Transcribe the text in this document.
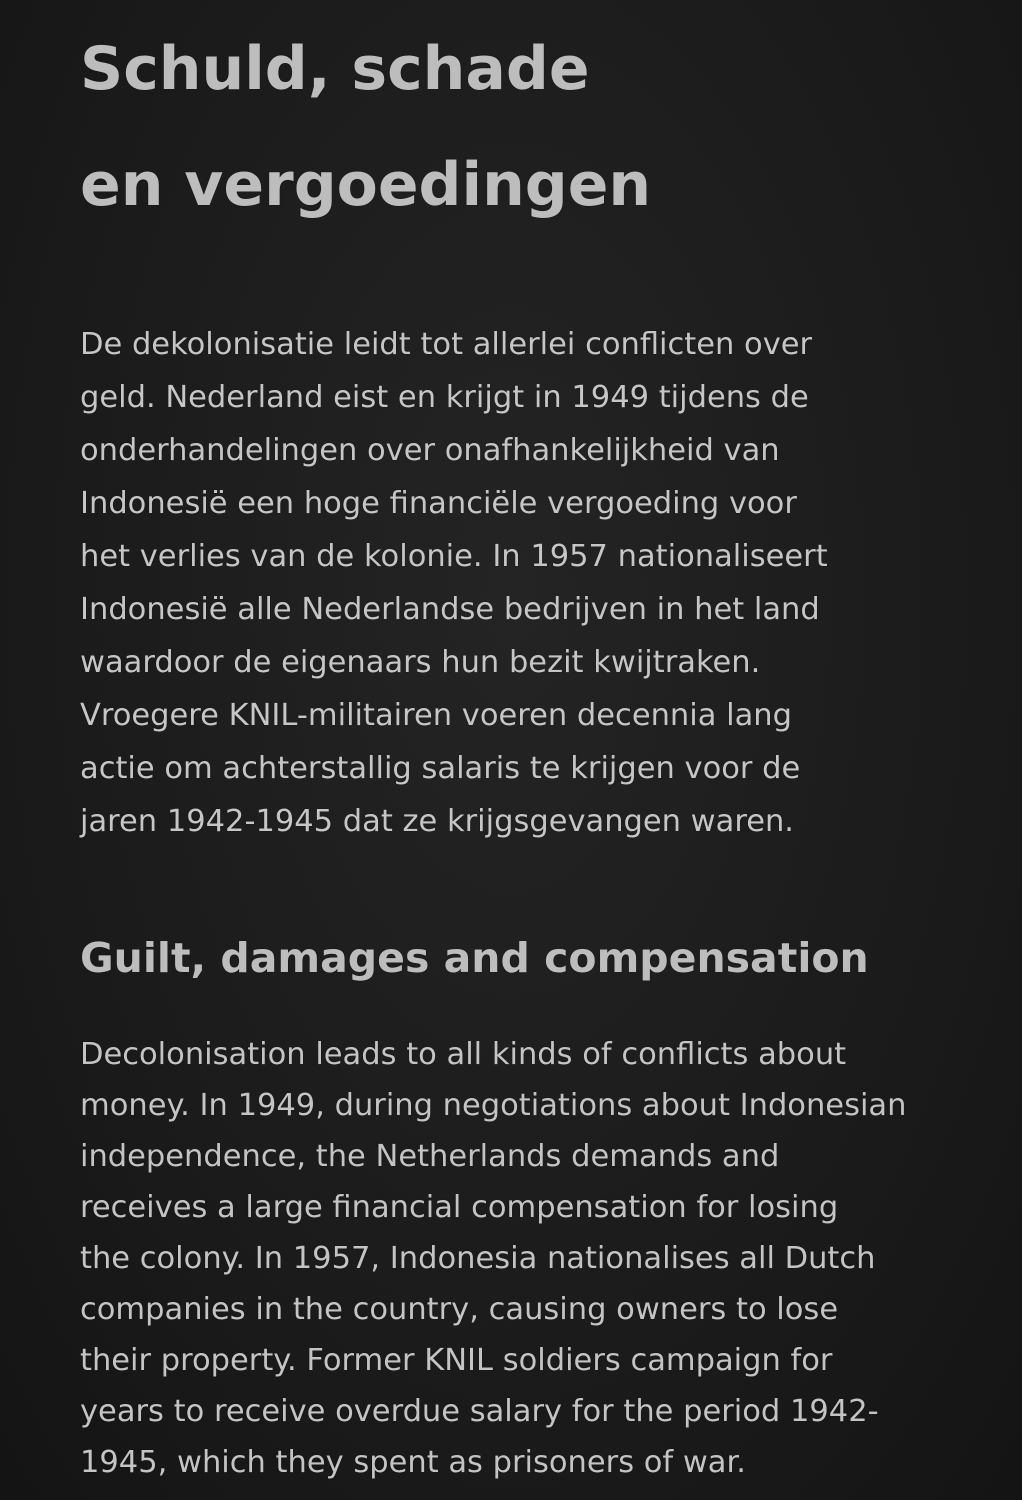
Schuld, schade
en vergoedingen

De dekolonisatie leidt tot allerlei conflicten over

geld. Nederland eist en krijgt in 1949 tijdens de

onderhandelingen over onafhankelijkheid van

Indonesië een hoge financiële vergoeding voor

het verlies van de kolonie. In 1957 nationaliseert

Indonesië alle Nederlandse bedrijven in het land

waardoor de eigenaars hun bezit kwijtraken.

Vroegere KNIL-militairen voeren decennia lang

actie om achterstallig salaris te krijgen voor de

jaren 1942-1945 dat ze krijgsgevangen waren.

Guilt, damages and compensation

Decolonisation leads to all kinds of conflicts about

money. In 1949, during negotiations about Indonesian

independence, the Netherlands demands and

receives a large financial compensation for losing

the colony. In 1957, Indonesia nationalises all Dutch

companies in the country, causing owners to lose

their property. Former KNIL soldiers campaign for

years to receive overdue salary for the period 1942-

1945, which they spent as prisoners of war.
